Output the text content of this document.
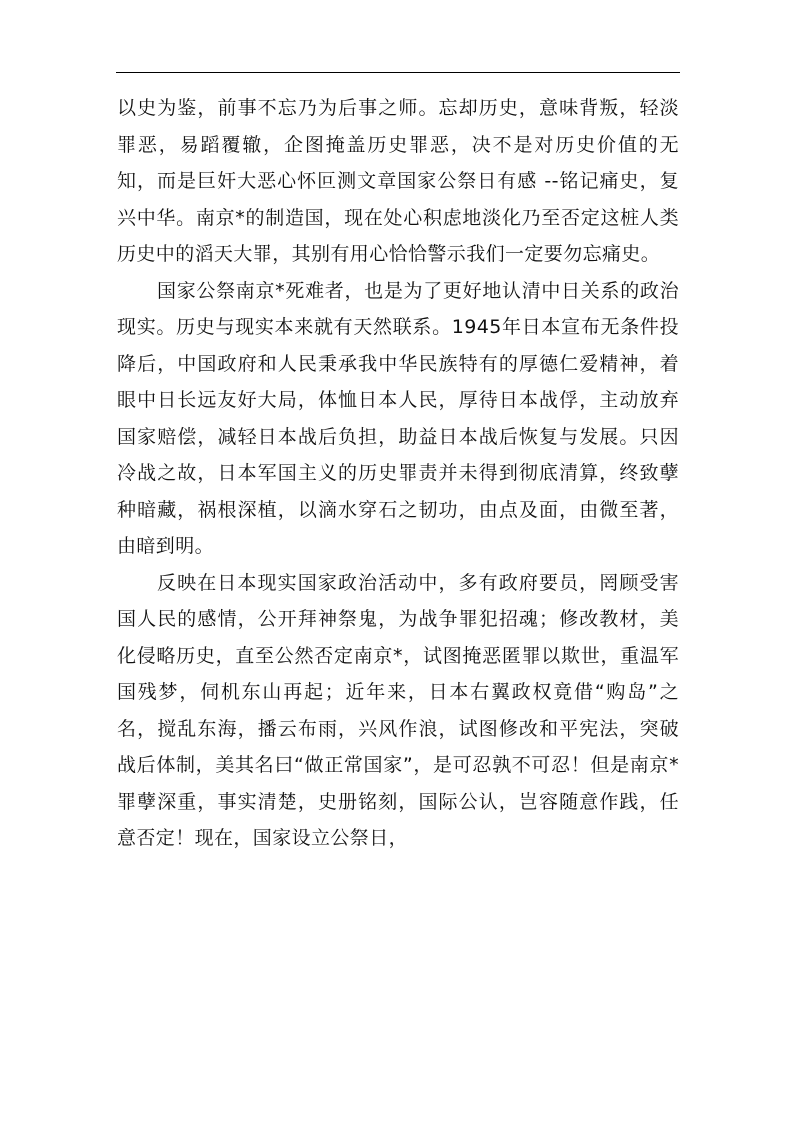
以史为鉴，前事不忘乃为后事之师。忘却历史，意味背叛，轻淡罪恶，易蹈覆辙，企图掩盖历史罪恶，决不是对历史价值的无知，而是巨奸大恶心怀叵测文章国家公祭日有感 --铭记痛史，复兴中华。南京*的制造国，现在处心积虑地淡化乃至否定这桩人类历史中的滔天大罪，其别有用心恰恰警示我们一定要勿忘痛史。

国家公祭南京*死难者，也是为了更好地认清中日关系的政治现实。历史与现实本来就有天然联系。1945年日本宣布无条件投降后，中国政府和人民秉承我中华民族特有的厚德仁爱精神，着眼中日长远友好大局，体恤日本人民，厚待日本战俘，主动放弃国家赔偿，减轻日本战后负担，助益日本战后恢复与发展。只因冷战之故，日本军国主义的历史罪责并未得到彻底清算，终致孽种暗藏，祸根深植，以滴水穿石之韧功，由点及面，由微至著，由暗到明。

反映在日本现实国家政治活动中，多有政府要员，罔顾受害国人民的感情，公开拜神祭鬼，为战争罪犯招魂；修改教材，美化侵略历史，直至公然否定南京*，试图掩恶匿罪以欺世，重温军国残梦，伺机东山再起；近年来，日本右翼政权竟借“购岛”之名，搅乱东海，播云布雨，兴风作浪，试图修改和平宪法，突破战后体制，美其名曰“做正常国家”，是可忍孰不可忍！但是南京*罪孽深重，事实清楚，史册铭刻，国际公认，岂容随意作践，任意否定！现在，国家设立公祭日，
